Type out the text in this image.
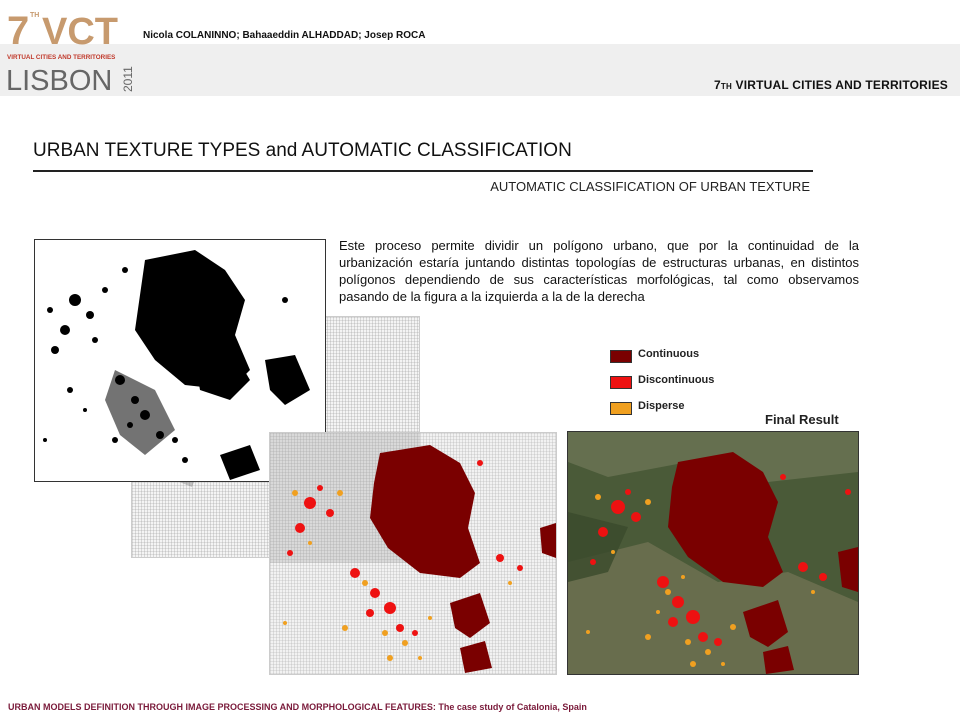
7 TH VCT
VIRTUAL CITIES AND TERRITORIES
LISBON 2011
Nicola COLANINNO; Bahaaeddin ALHADDAD; Josep ROCA
7TH VIRTUAL CITIES AND TERRITORIES
URBAN TEXTURE TYPES and AUTOMATIC CLASSIFICATION
AUTOMATIC CLASSIFICATION OF URBAN TEXTURE
Este proceso permite dividir un polígono urbano, que por la continuidad de la urbanización estaría juntando distintas topologías de estructuras urbanas, en distintos polígonos dependiendo de sus características morfológicas, tal como observamos pasando de la figura a la izquierda a la de la derecha
Continuous
Discontinuous
Disperse
Final Result
URBAN MODELS DEFINITION THROUGH IMAGE PROCESSING AND MORPHOLOGICAL FEATURES: The case study of Catalonia, Spain
